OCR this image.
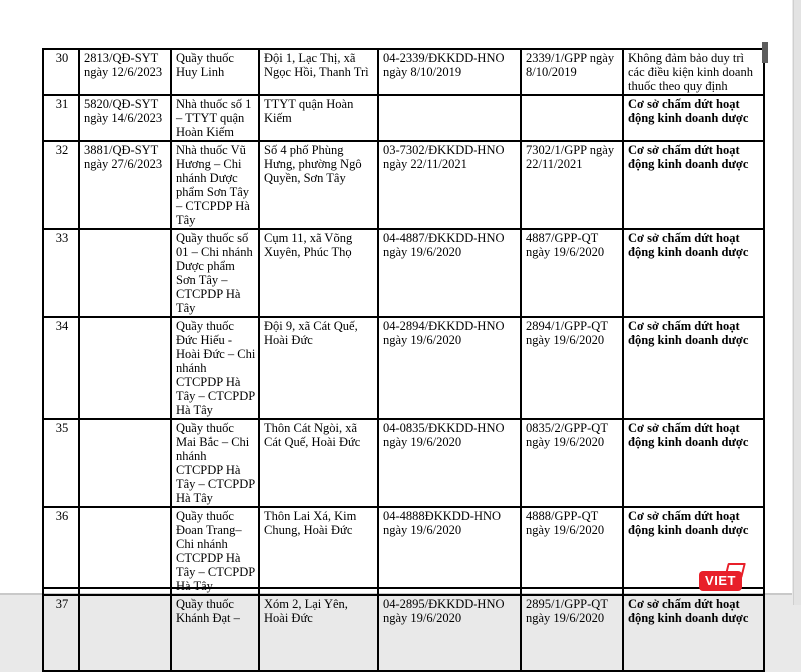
30	2813/QĐ-SYT ngày 12/6/2023	Quầy thuốc Huy Linh	Đội 1, Lạc Thị, xã Ngọc Hồi, Thanh Trì	04-2339/ĐKKDD-HNO ngày 8/10/2019	2339/1/GPP ngày 8/10/2019	Không đảm bảo duy trì các điều kiện kinh doanh thuốc theo quy định
31	5820/QĐ-SYT ngày 14/6/2023	Nhà thuốc số 1 – TTYT quận Hoàn Kiếm	TTYT quận Hoàn Kiếm			Cơ sở chấm dứt hoạt động kinh doanh dược
32	3881/QĐ-SYT ngày 27/6/2023	Nhà thuốc Vũ Hương – Chi nhánh Dược phẩm Sơn Tây – CTCPDP Hà Tây	Số 4 phố Phùng Hưng, phường Ngô Quyền, Sơn Tây	03-7302/ĐKKDD-HNO ngày 22/11/2021	7302/1/GPP ngày 22/11/2021	Cơ sở chấm dứt hoạt động kinh doanh dược
33		Quầy thuốc số 01 – Chi nhánh Dược phẩm Sơn Tây – CTCPDP Hà Tây	Cụm 11, xã Võng Xuyên, Phúc Thọ	04-4887/ĐKKDD-HNO ngày 19/6/2020	4887/GPP-QT ngày 19/6/2020	Cơ sở chấm dứt hoạt động kinh doanh dược
34		Quầy thuốc Đức Hiếu - Hoài Đức – Chi nhánh CTCPDP Hà Tây – CTCPDP Hà Tây	Đội 9, xã Cát Quế, Hoài Đức	04-2894/ĐKKDD-HNO ngày 19/6/2020	2894/1/GPP-QT ngày 19/6/2020	Cơ sở chấm dứt hoạt động kinh doanh dược
35		Quầy thuốc Mai Bắc – Chi nhánh CTCPDP Hà Tây – CTCPDP Hà Tây	Thôn Cát Ngòi, xã Cát Quế, Hoài Đức	04-0835/ĐKKDD-HNO ngày 19/6/2020	0835/2/GPP-QT ngày 19/6/2020	Cơ sở chấm dứt hoạt động kinh doanh dược
36		Quầy thuốc Đoan Trang– Chi nhánh CTCPDP Hà Tây – CTCPDP Hà Tây	Thôn Lai Xá, Kim Chung, Hoài Đức	04-4888ĐKKDD-HNO ngày 19/6/2020	4888/GPP-QT ngày 19/6/2020	Cơ sở chấm dứt hoạt động kinh doanh dược
37		Quầy thuốc Khánh Đạt –	Xóm 2, Lại Yên, Hoài Đức	04-2895/ĐKKDD-HNO ngày 19/6/2020	2895/1/GPP-QT ngày 19/6/2020	Cơ sở chấm dứt hoạt động kinh doanh dược
VIET
